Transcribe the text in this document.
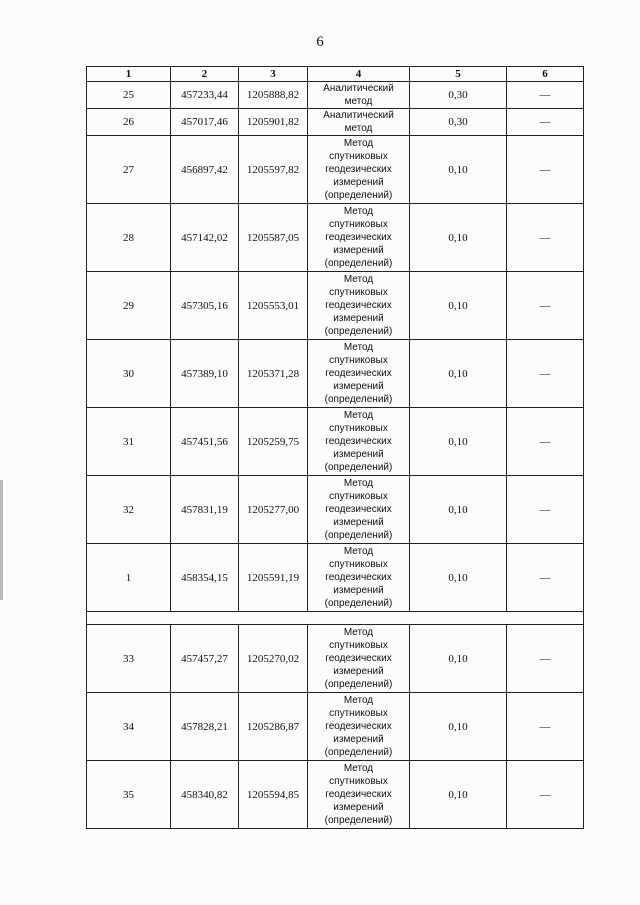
6
1	2	3	4	5	6
25	457233,44	1205888,82	Аналитический
метод	0,30	—
26	457017,46	1205901,82	Аналитический
метод	0,30	—
27	456897,42	1205597,82	Метод
спутниковых
геодезических
измерений
(определений)	0,10	—
28	457142,02	1205587,05	Метод
спутниковых
геодезических
измерений
(определений)	0,10	—
29	457305,16	1205553,01	Метод
спутниковых
геодезических
измерений
(определений)	0,10	—
30	457389,10	1205371,28	Метод
спутниковых
геодезических
измерений
(определений)	0,10	—
31	457451,56	1205259,75	Метод
спутниковых
геодезических
измерений
(определений)	0,10	—
32	457831,19	1205277,00	Метод
спутниковых
геодезических
измерений
(определений)	0,10	—
1	458354,15	1205591,19	Метод
спутниковых
геодезических
измерений
(определений)	0,10	—

33	457457,27	1205270,02	Метод
спутниковых
геодезических
измерений
(определений)	0,10	—
34	457828,21	1205286,87	Метод
спутниковых
геодезических
измерений
(определений)	0,10	—
35	458340,82	1205594,85	Метод
спутниковых
геодезических
измерений
(определений)	0,10	—
